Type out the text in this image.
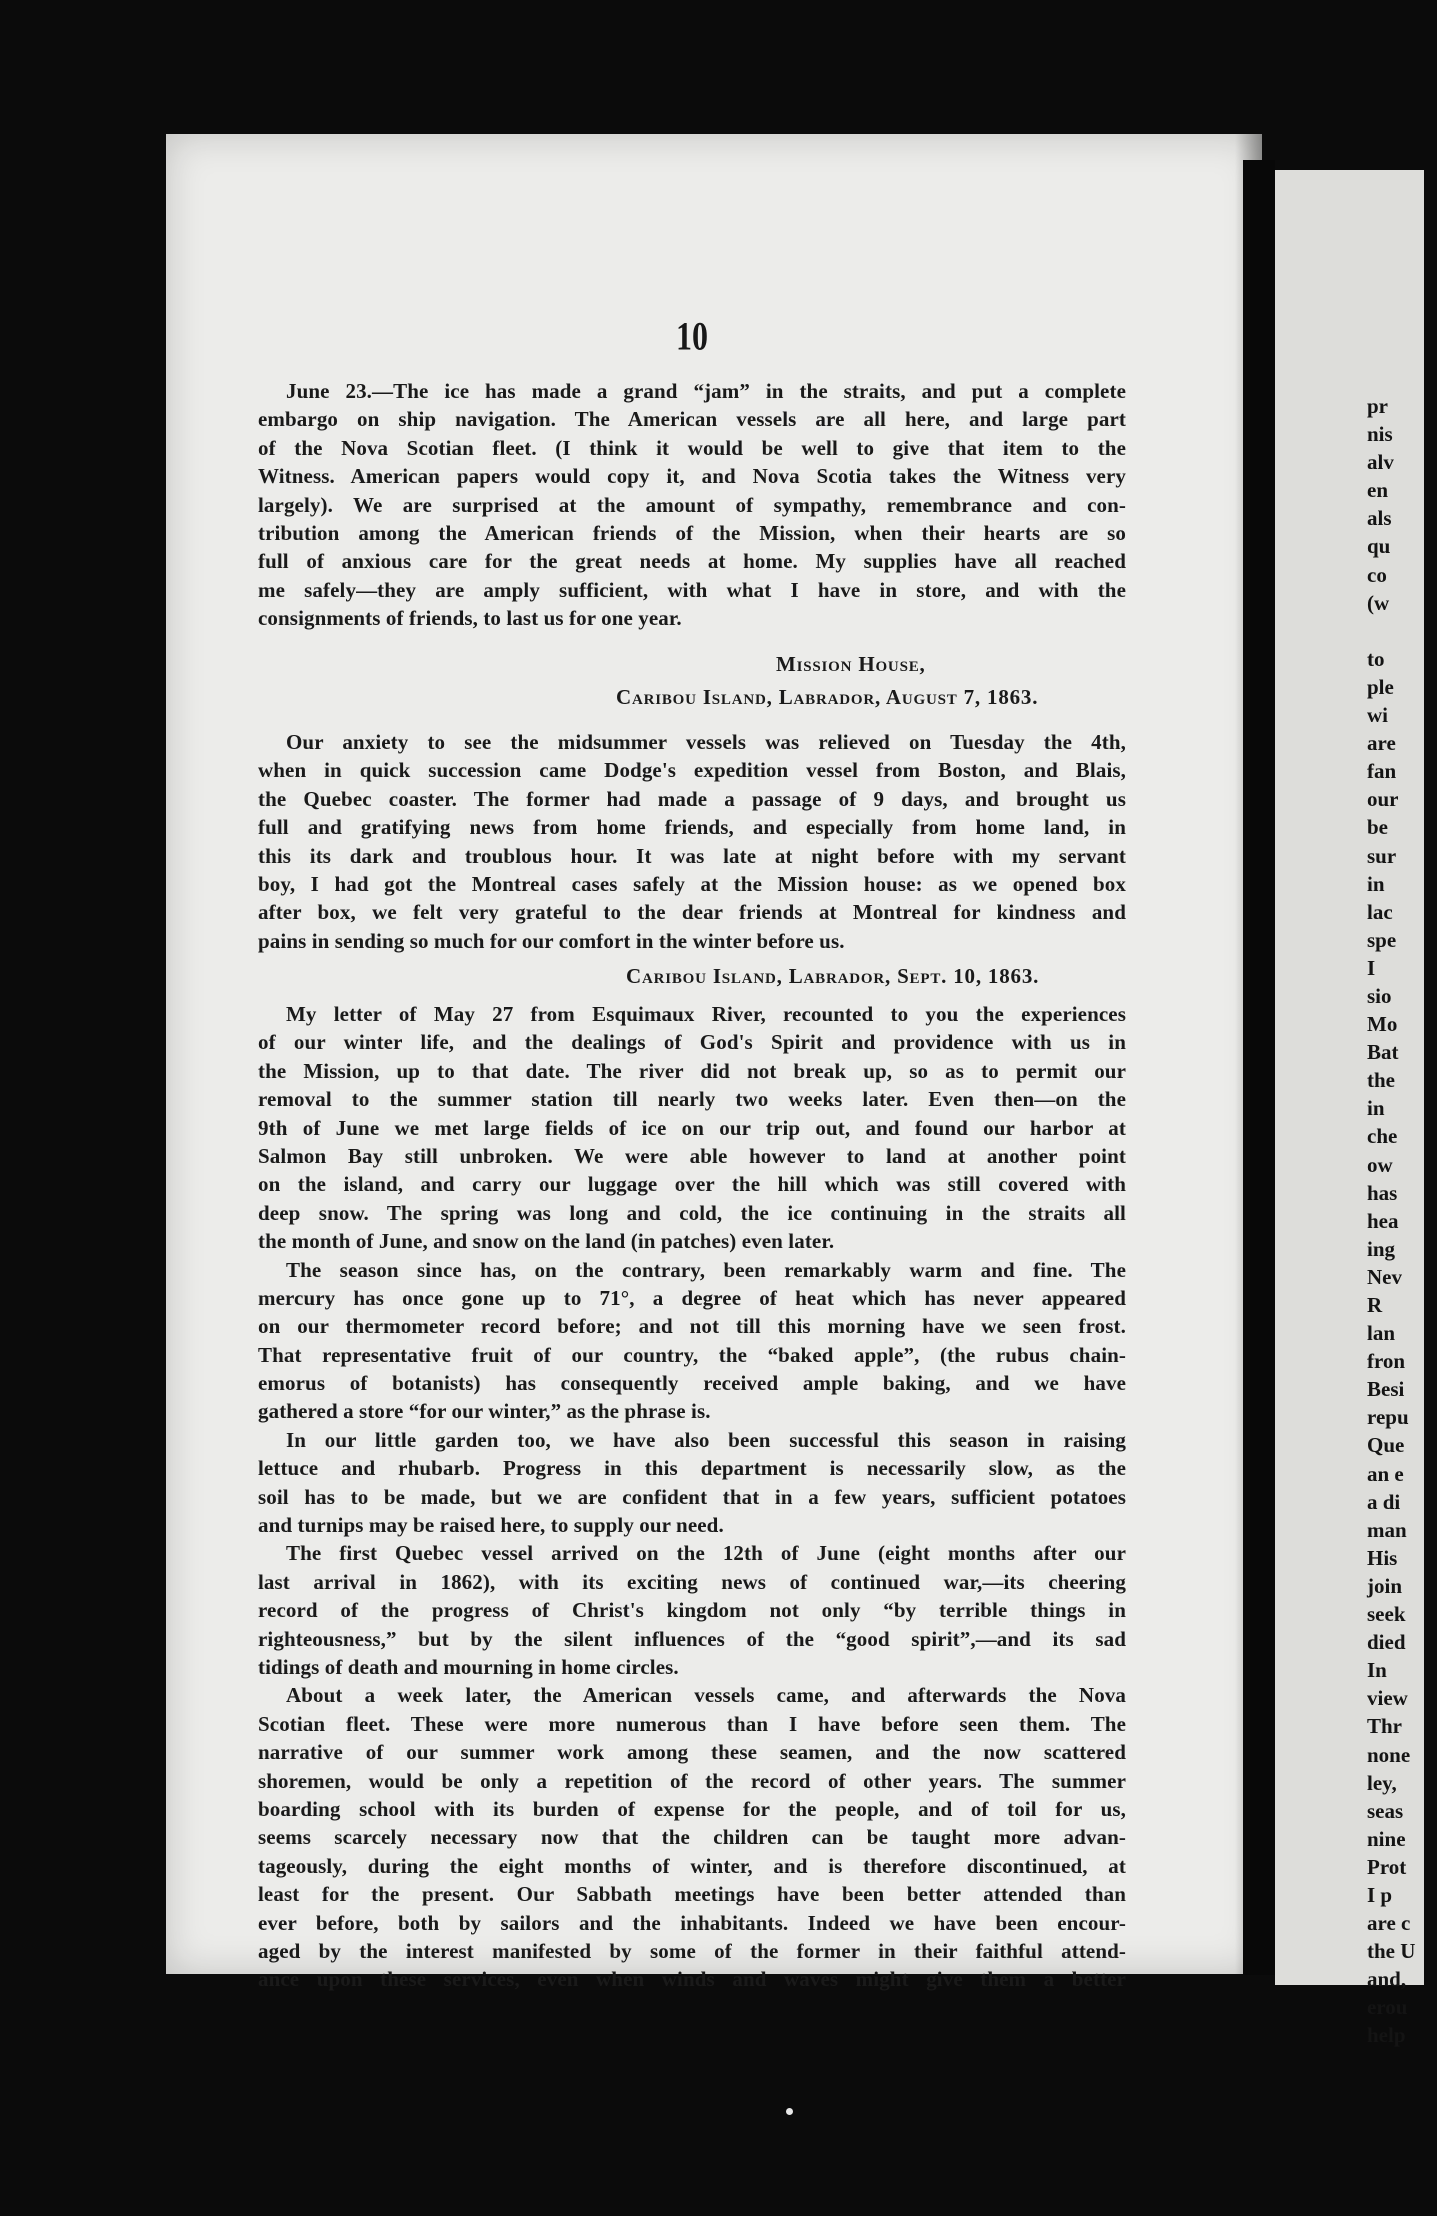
pr
nis
alv
en
als
qu
co
(w
to
ple
wi
are
fan
our
be
sur
in
lac
spe
I
sio
Mo
Bat
the
in
che
ow
has
hea
ing
Nev
R
lan
fron
Besi
repu
Que
an e
a di
man
His
join
seek
died
In
view
Thr
none
ley,
seas
nine
Prot
I p
are c
the U
and,
erou
help
10
June 23.—The ice has made a grand “jam” in the straits, and put a complete
embargo on ship navigation. The American vessels are all here, and large part
of the Nova Scotian fleet. (I think it would be well to give that item to the
Witness. American papers would copy it, and Nova Scotia takes the Witness very
largely). We are surprised at the amount of sympathy, remembrance and con-
tribution among the American friends of the Mission, when their hearts are so
full of anxious care for the great needs at home. My supplies have all reached
me safely—they are amply sufficient, with what I have in store, and with the
consignments of friends, to last us for one year.
Mission House,
Caribou Island, Labrador, August 7, 1863.
Our anxiety to see the midsummer vessels was relieved on Tuesday the 4th,
when in quick succession came Dodge's expedition vessel from Boston, and Blais,
the Quebec coaster. The former had made a passage of 9 days, and brought us
full and gratifying news from home friends, and especially from home land, in
this its dark and troublous hour. It was late at night before with my servant
boy, I had got the Montreal cases safely at the Mission house: as we opened box
after box, we felt very grateful to the dear friends at Montreal for kindness and
pains in sending so much for our comfort in the winter before us.
Caribou Island, Labrador, Sept. 10, 1863.
My letter of May 27 from Esquimaux River, recounted to you the experiences
of our winter life, and the dealings of God's Spirit and providence with us in
the Mission, up to that date. The river did not break up, so as to permit our
removal to the summer station till nearly two weeks later. Even then—on the
9th of June we met large fields of ice on our trip out, and found our harbor at
Salmon Bay still unbroken. We were able however to land at another point
on the island, and carry our luggage over the hill which was still covered with
deep snow. The spring was long and cold, the ice continuing in the straits all
the month of June, and snow on the land (in patches) even later.
The season since has, on the contrary, been remarkably warm and fine. The
mercury has once gone up to 71°, a degree of heat which has never appeared
on our thermometer record before; and not till this morning have we seen frost.
That representative fruit of our country, the “baked apple”, (the rubus chain-
emorus of botanists) has consequently received ample baking, and we have
gathered a store “for our winter,” as the phrase is.
In our little garden too, we have also been successful this season in raising
lettuce and rhubarb. Progress in this department is necessarily slow, as the
soil has to be made, but we are confident that in a few years, sufficient potatoes
and turnips may be raised here, to supply our need.
The first Quebec vessel arrived on the 12th of June (eight months after our
last arrival in 1862), with its exciting news of continued war,—its cheering
record of the progress of Christ's kingdom not only “by terrible things in
righteousness,” but by the silent influences of the “good spirit”,—and its sad
tidings of death and mourning in home circles.
About a week later, the American vessels came, and afterwards the Nova
Scotian fleet. These were more numerous than I have before seen them. The
narrative of our summer work among these seamen, and the now scattered
shoremen, would be only a repetition of the record of other years. The summer
boarding school with its burden of expense for the people, and of toil for us,
seems scarcely necessary now that the children can be taught more advan-
tageously, during the eight months of winter, and is therefore discontinued, at
least for the present. Our Sabbath meetings have been better attended than
ever before, both by sailors and the inhabitants. Indeed we have been encour-
aged by the interest manifested by some of the former in their faithful attend-
ance upon these services, even when winds and waves might give them a better
